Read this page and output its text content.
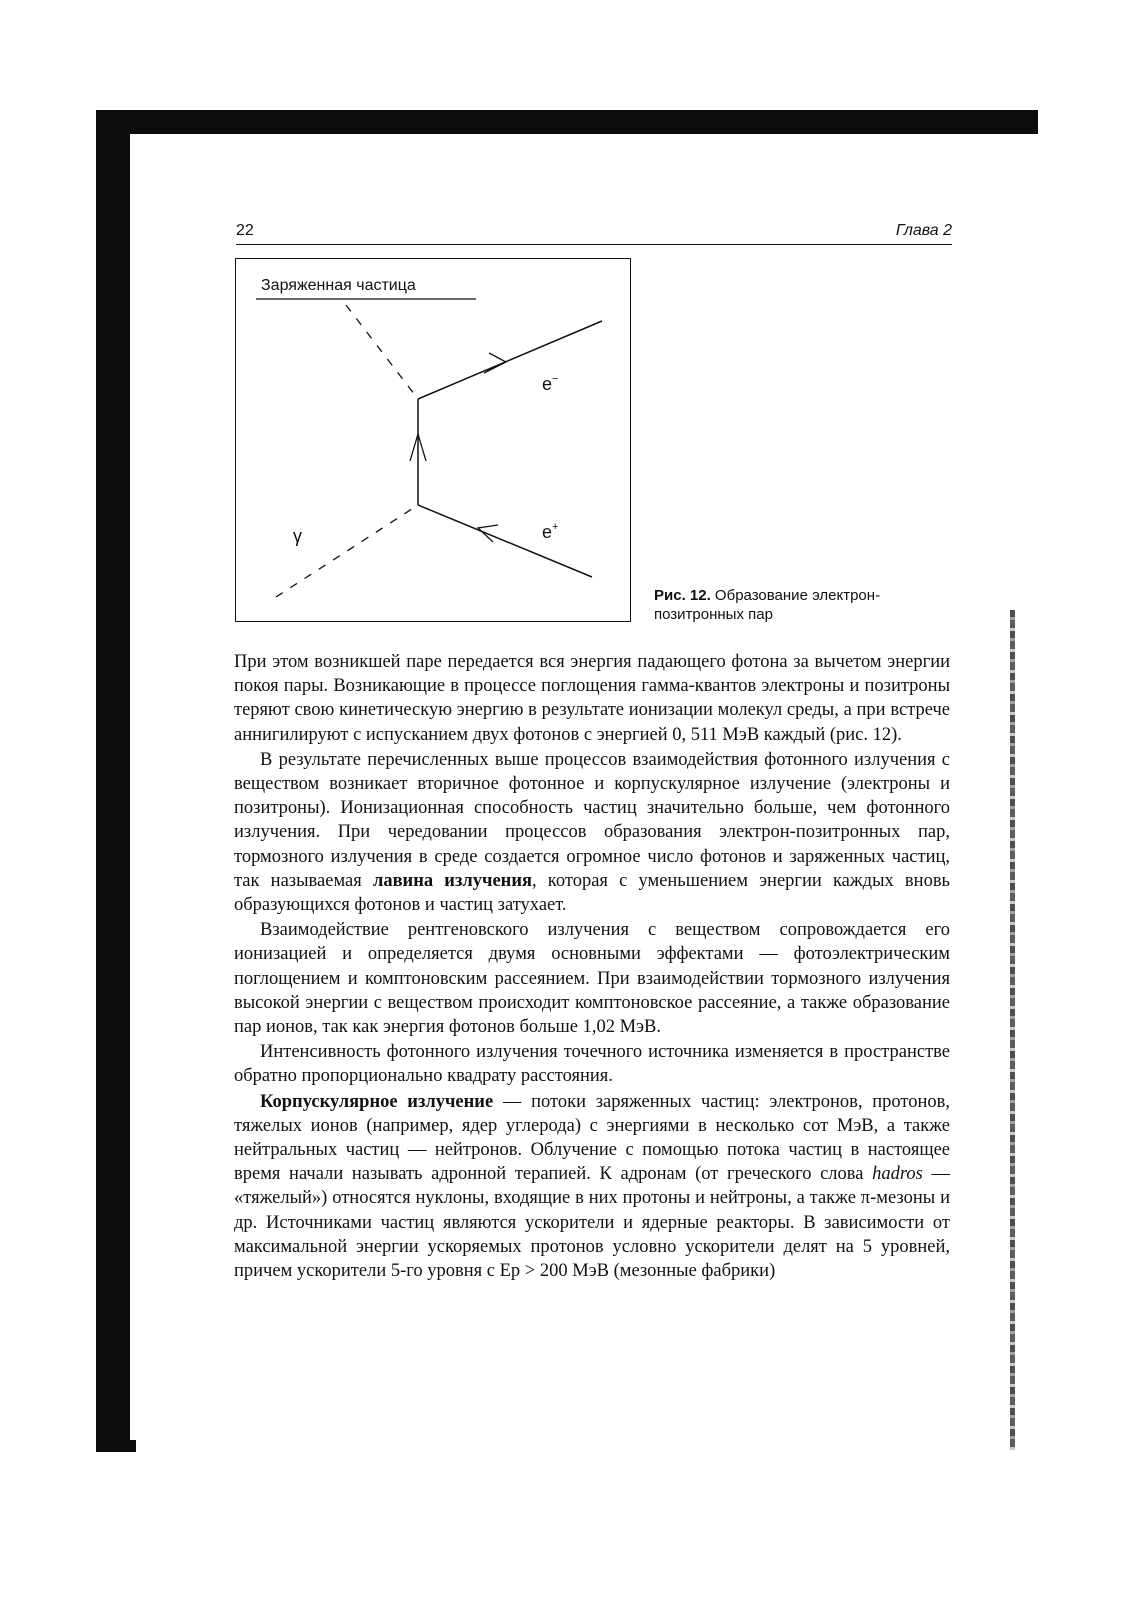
22	Глава 2
Заряженная частица
e−
e+
γ
Рис. 12. Образование электрон-позитронных пар

При этом возникшей паре передается вся энергия падающего фотона за вычетом энергии покоя пары. Возникающие в процессе поглощения гамма-квантов электроны и позитроны теряют свою кинетическую энергию в результате ионизации молекул среды, а при встрече аннигилируют с испусканием двух фотонов с энергией 0, 511 МэВ каждый (рис. 12).

В результате перечисленных выше процессов взаимодействия фотонного излучения с веществом возникает вторичное фотонное и корпускулярное излучение (электроны и позитроны). Ионизационная способность частиц значительно больше, чем фотонного излучения. При чередовании процессов образования электрон-позитронных пар, тормозного излучения в среде создается огромное число фотонов и заряженных частиц, так называемая лавина излучения, которая с уменьшением энергии каждых вновь образующихся фотонов и частиц затухает.

Взаимодействие рентгеновского излучения с веществом сопровождается его ионизацией и определяется двумя основными эффектами — фотоэлектрическим поглощением и комптоновским рассеянием. При взаимодействии тормозного излучения высокой энергии с веществом происходит комптоновское рассеяние, а также образование пар ионов, так как энергия фотонов больше 1,02 МэВ.

Интенсивность фотонного излучения точечного источника изменяется в пространстве обратно пропорционально квадрату расстояния.

Корпускулярное излучение — потоки заряженных частиц: электронов, протонов, тяжелых ионов (например, ядер углерода) с энергиями в несколько сот МэВ, а также нейтральных частиц — нейтронов. Облучение с помощью потока частиц в настоящее время начали называть адронной терапией. К адронам (от греческого слова hadros — «тяжелый») относятся нуклоны, входящие в них протоны и нейтроны, а также π-мезоны и др. Источниками частиц являются ускорители и ядерные реакторы. В зависимости от максимальной энергии ускоряемых протонов условно ускорители делят на 5 уровней, причем ускорители 5-го уровня с Ep > 200 МэВ (мезонные фабрики)
